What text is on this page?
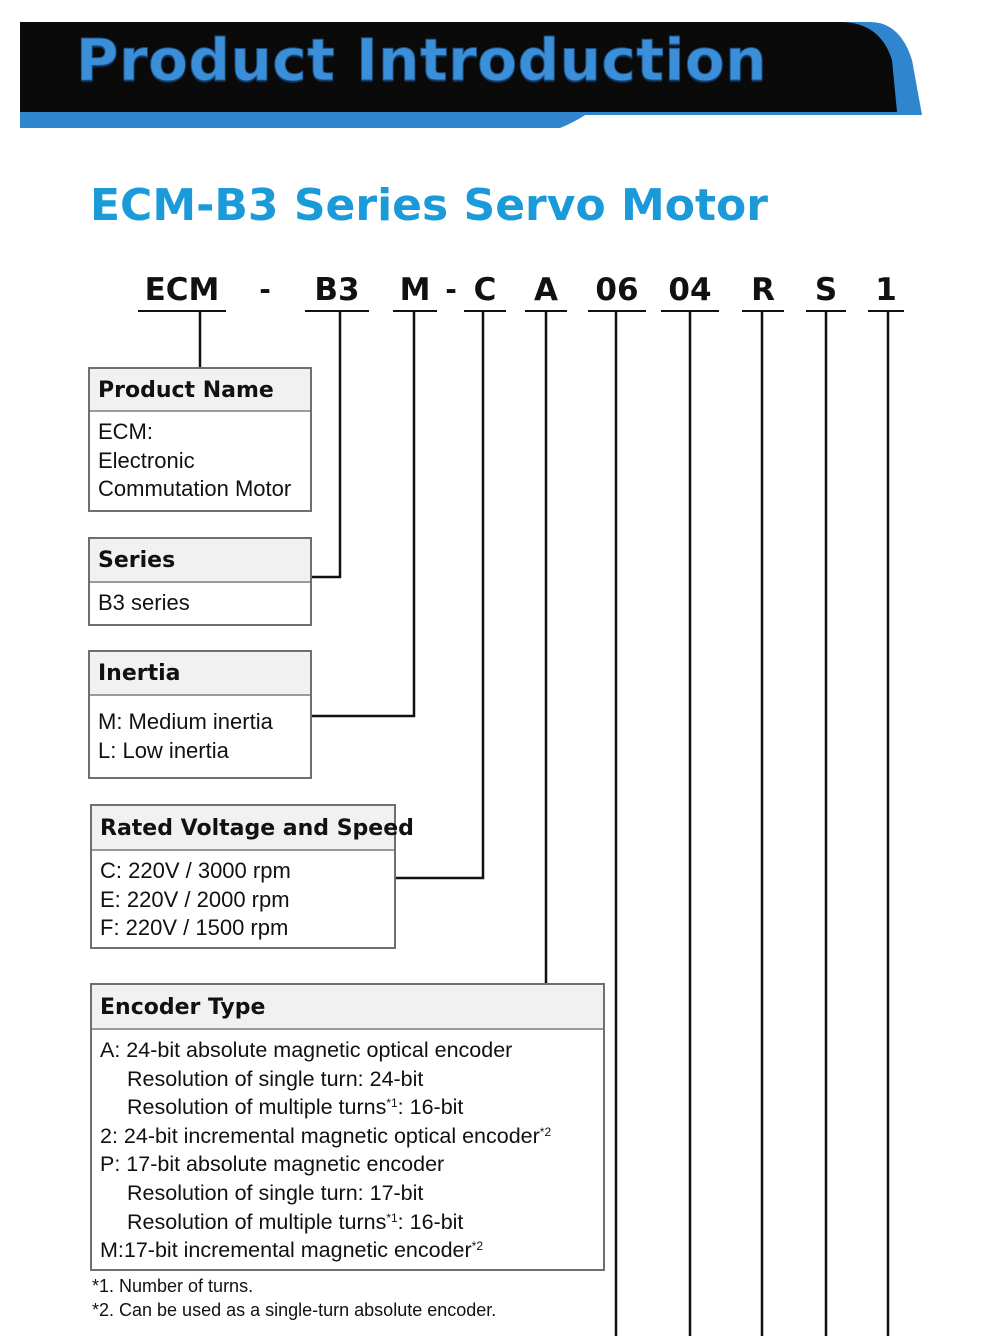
Product Introduction
ECM-B3 Series Servo Motor
ECM -	B3	M - C	A 06 04 R S 1
Product Name
ECM:
Electronic
Commutation Motor
Series
B3 series
Inertia
M: Medium inertia
L: Low inertia
Rated Voltage and Speed
C: 220V / 3000 rpm
E: 220V / 2000 rpm
F: 220V / 1500 rpm
Encoder Type
A: 24-bit absolute magnetic optical encoder
Resolution of single turn: 24-bit
Resolution of multiple turns$^{*1}$: 16-bit
2: 24-bit incremental magnetic optical encoder$^{*2}$
P: 17-bit absolute magnetic encoder
Resolution of single turn: 17-bit
Resolution of multiple turns$^{*1}$: 16-bit
M:17-bit incremental magnetic encoder$^{*2}$
*1. Number of turns.
*2. Can be used as a single-turn absolute encoder.
